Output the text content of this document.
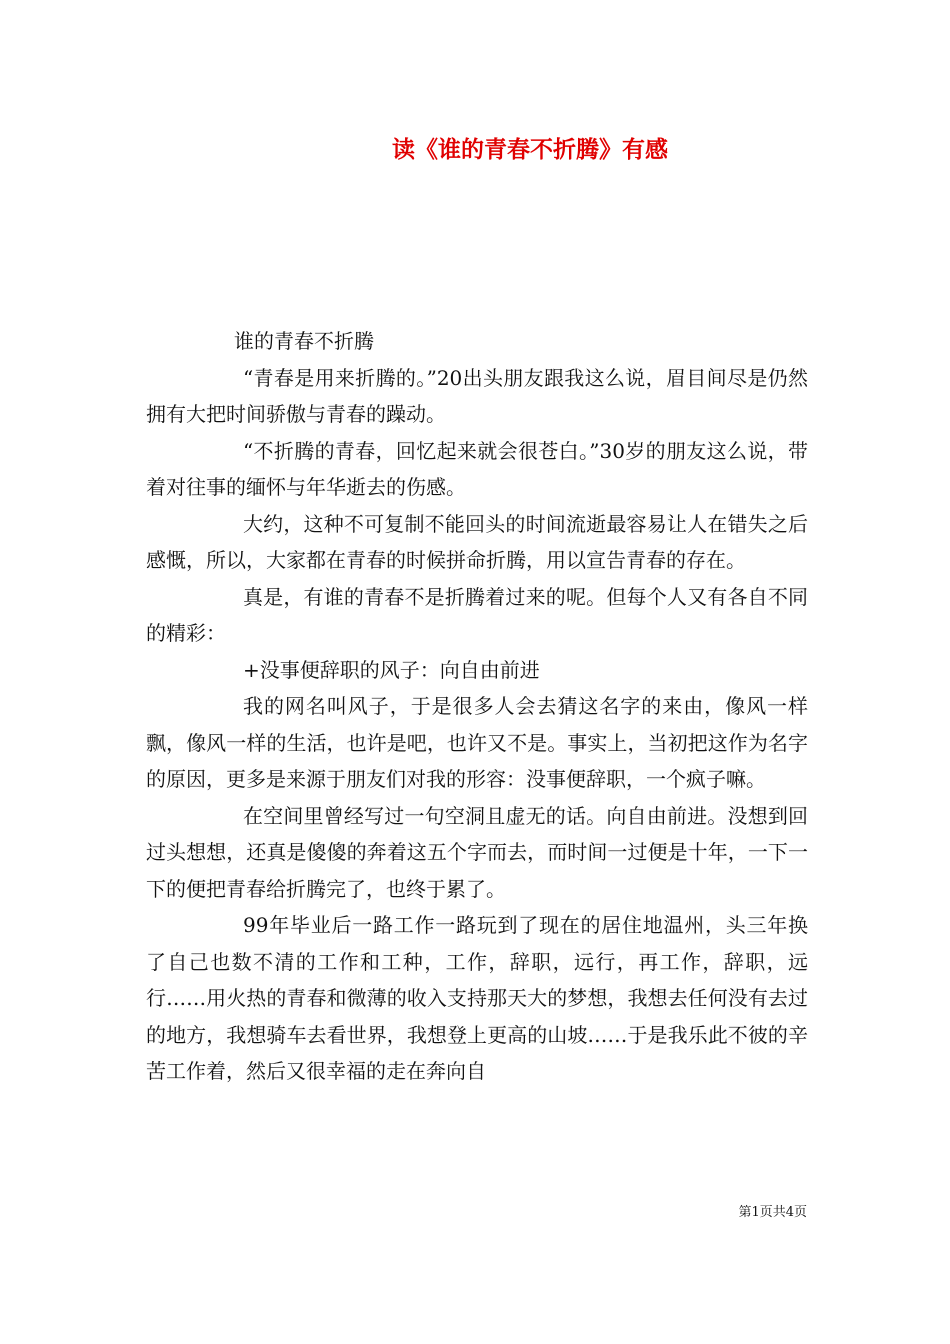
读《谁的青春不折腾》有感

谁的青春不折腾

“青春是用来折腾的。”20出头朋友跟我这么说，眉目间尽是仍然拥有大把时间骄傲与青春的躁动。

“不折腾的青春，回忆起来就会很苍白。”30岁的朋友这么说，带着对往事的缅怀与年华逝去的伤感。

大约，这种不可复制不能回头的时间流逝最容易让人在错失之后感慨，所以，大家都在青春的时候拼命折腾，用以宣告青春的存在。

真是，有谁的青春不是折腾着过来的呢。但每个人又有各自不同的精彩：

+没事便辞职的风子：向自由前进

我的网名叫风子，于是很多人会去猜这名字的来由，像风一样飘，像风一样的生活，也许是吧，也许又不是。事实上，当初把这作为名字的原因，更多是来源于朋友们对我的形容：没事便辞职，一个疯子嘛。

在空间里曾经写过一句空洞且虚无的话。向自由前进。没想到回过头想想，还真是傻傻的奔着这五个字而去，而时间一过便是十年，一下一下的便把青春给折腾完了，也终于累了。

99年毕业后一路工作一路玩到了现在的居住地温州，头三年换了自己也数不清的工作和工种，工作，辞职，远行，再工作，辞职，远行……用火热的青春和微薄的收入支持那天大的梦想，我想去任何没有去过的地方，我想骑车去看世界，我想登上更高的山坡……于是我乐此不彼的辛苦工作着，然后又很幸福的走在奔向自

第1页共4页
